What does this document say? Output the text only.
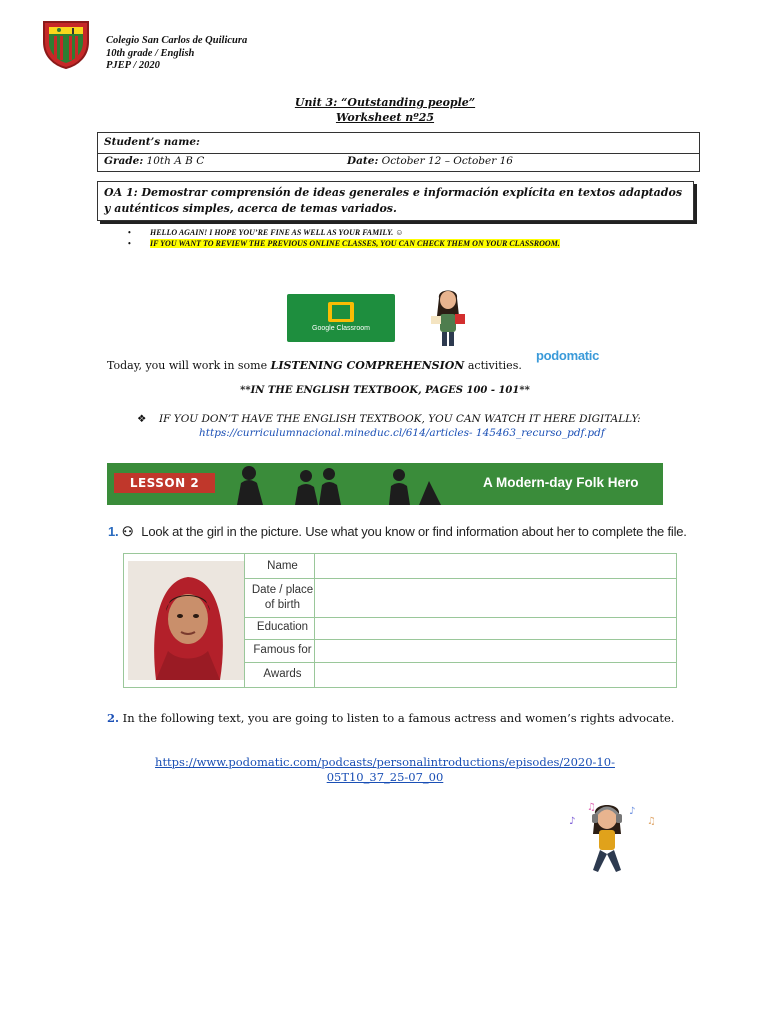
Colegio San Carlos de Quilicura
10th grade / English
PJEP / 2020
Unit 3: “Outstanding people”
Worksheet nº25
Student’s name:
Grade: 10th A B C	Date: October 12 – October 16
OA 1: Demostrar comprensión de ideas generales e información explícita en textos adaptados y auténticos simples, acerca de temas variados.
• HELLO AGAIN! I HOPE YOU’RE FINE AS WELL AS YOUR FAMILY. ☺
• IF YOU WANT TO REVIEW THE PREVIOUS ONLINE CLASSES, YOU CAN CHECK THEM ON YOUR CLASSROOM.
Google Classroom
podomatic
Today, you will work in some LISTENING COMPREHENSION activities.
**IN THE ENGLISH TEXTBOOK, PAGES 100 - 101**
❖	IF YOU DON’T HAVE THE ENGLISH TEXTBOOK, YOU CAN WATCH IT HERE DIGITALLY:
https://curriculumnacional.mineduc.cl/614/articles- 145463_recurso_pdf.pdf
LESSON 2	A Modern-day Folk Hero
1. ⚇ Look at the girl in the picture. Use what you know or find information about her to complete the file.
Name
Date / place of birth
Education
Famous for
Awards
2. In the following text, you are going to listen to a famous actress and women’s rights advocate.
https://www.podomatic.com/podcasts/personalintroductions/episodes/2020-10-
05T10_37_25-07_00
♪
♫	♪
♫
